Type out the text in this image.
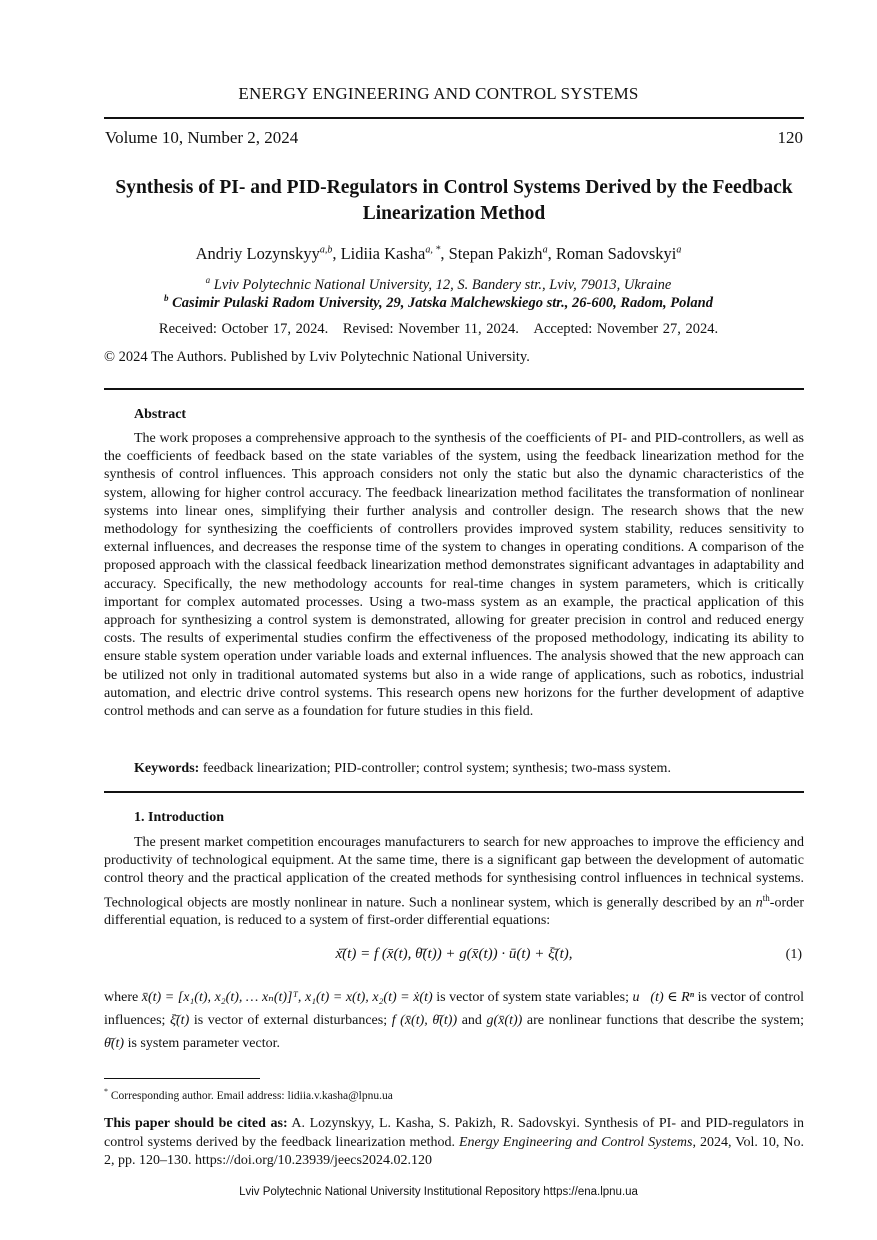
ENERGY ENGINEERING AND CONTROL SYSTEMS
Volume 10, Number 2, 2024	120
Synthesis of PI- and PID-Regulators in Control Systems Derived by the Feedback Linearization Method
Andriy Lozynskyy$^{a,b}$, Lidiia Kasha$^{a, *}$, Stepan Pakizh$^a$, Roman Sadovskyi$^a$
$^a$ Lviv Polytechnic National University, 12, S. Bandery str., Lviv, 79013, Ukraine
$^b$ Casimir Pulaski Radom University, 29, Jatska Malchewskiego str., 26-600, Radom, Poland
Received: October 17, 2024. Revised: November 11, 2024. Accepted: November 27, 2024.
© 2024 The Authors. Published by Lviv Polytechnic National University.
Abstract

The work proposes a comprehensive approach to the synthesis of the coefficients of PI- and PID-controllers, as well as the coefficients of feedback based on the state variables of the system, using the feedback linearization method for the synthesis of control influences. This approach considers not only the static but also the dynamic characteristics of the system, allowing for higher control accuracy. The feedback linearization method facilitates the transformation of nonlinear systems into linear ones, simplifying their further analysis and controller design. The research shows that the new methodology for synthesizing the coefficients of controllers provides improved system stability, reduces sensitivity to external influences, and decreases the response time of the system to changes in operating conditions. A comparison of the proposed approach with the classical feedback linearization method demonstrates significant advantages in adaptability and accuracy. Specifically, the new methodology accounts for real-time changes in system parameters, which is critically important for complex automated processes. Using a two-mass system as an example, the practical application of this approach for synthesizing a control system is demonstrated, allowing for greater precision in control and reduced energy costs. The results of experimental studies confirm the effectiveness of the proposed methodology, indicating its ability to ensure stable system operation under variable loads and external influences. The analysis showed that the new approach can be utilized not only in traditional automated systems but also in a wide range of applications, such as robotics, industrial automation, and electric drive control systems. This research opens new horizons for the further development of adaptive control methods and can serve as a foundation for future studies in this field.

Keywords: feedback linearization; PID-controller; control system; synthesis; two-mass system.
1. Introduction

The present market competition encourages manufacturers to search for new approaches to improve the efficiency and productivity of technological equipment. At the same time, there is a significant gap between the development of automatic control theory and the practical application of the created methods for synthesising control influences in technical systems. Technological objects are mostly nonlinear in nature. Such a nonlinear system, which is generally described by an $n^{th}$-order differential equation, is reduced to a system of first-order differential equations:

ẋ̄(t) = f (x̄(t), θ̄(t)) + g(x̄(t)) · ū(t) + ξ̄(t),	(1)
where x̄(t) = [x₁(t), x₂(t), … xₙ(t)]ᵀ, x₁(t) = x(t), x₂(t) = ẋ(t) is vector of system state variables; u⃗(t) ∈ Rⁿ is vector of control influences; ξ̄(t) is vector of external disturbances; f (x̄(t), θ̄(t)) and g(x̄(t)) are nonlinear functions that describe the system; θ̄(t) is system parameter vector.
* Corresponding author. Email address: lidiia.v.kasha@lpnu.ua
This paper should be cited as: A. Lozynskyy, L. Kasha, S. Pakizh, R. Sadovskyi. Synthesis of PI- and PID-regulators in control systems derived by the feedback linearization method. Energy Engineering and Control Systems, 2024, Vol. 10, No. 2, pp. 120–130. https://doi.org/10.23939/jeecs2024.02.120
Lviv Polytechnic National University Institutional Repository https://ena.lpnu.ua
